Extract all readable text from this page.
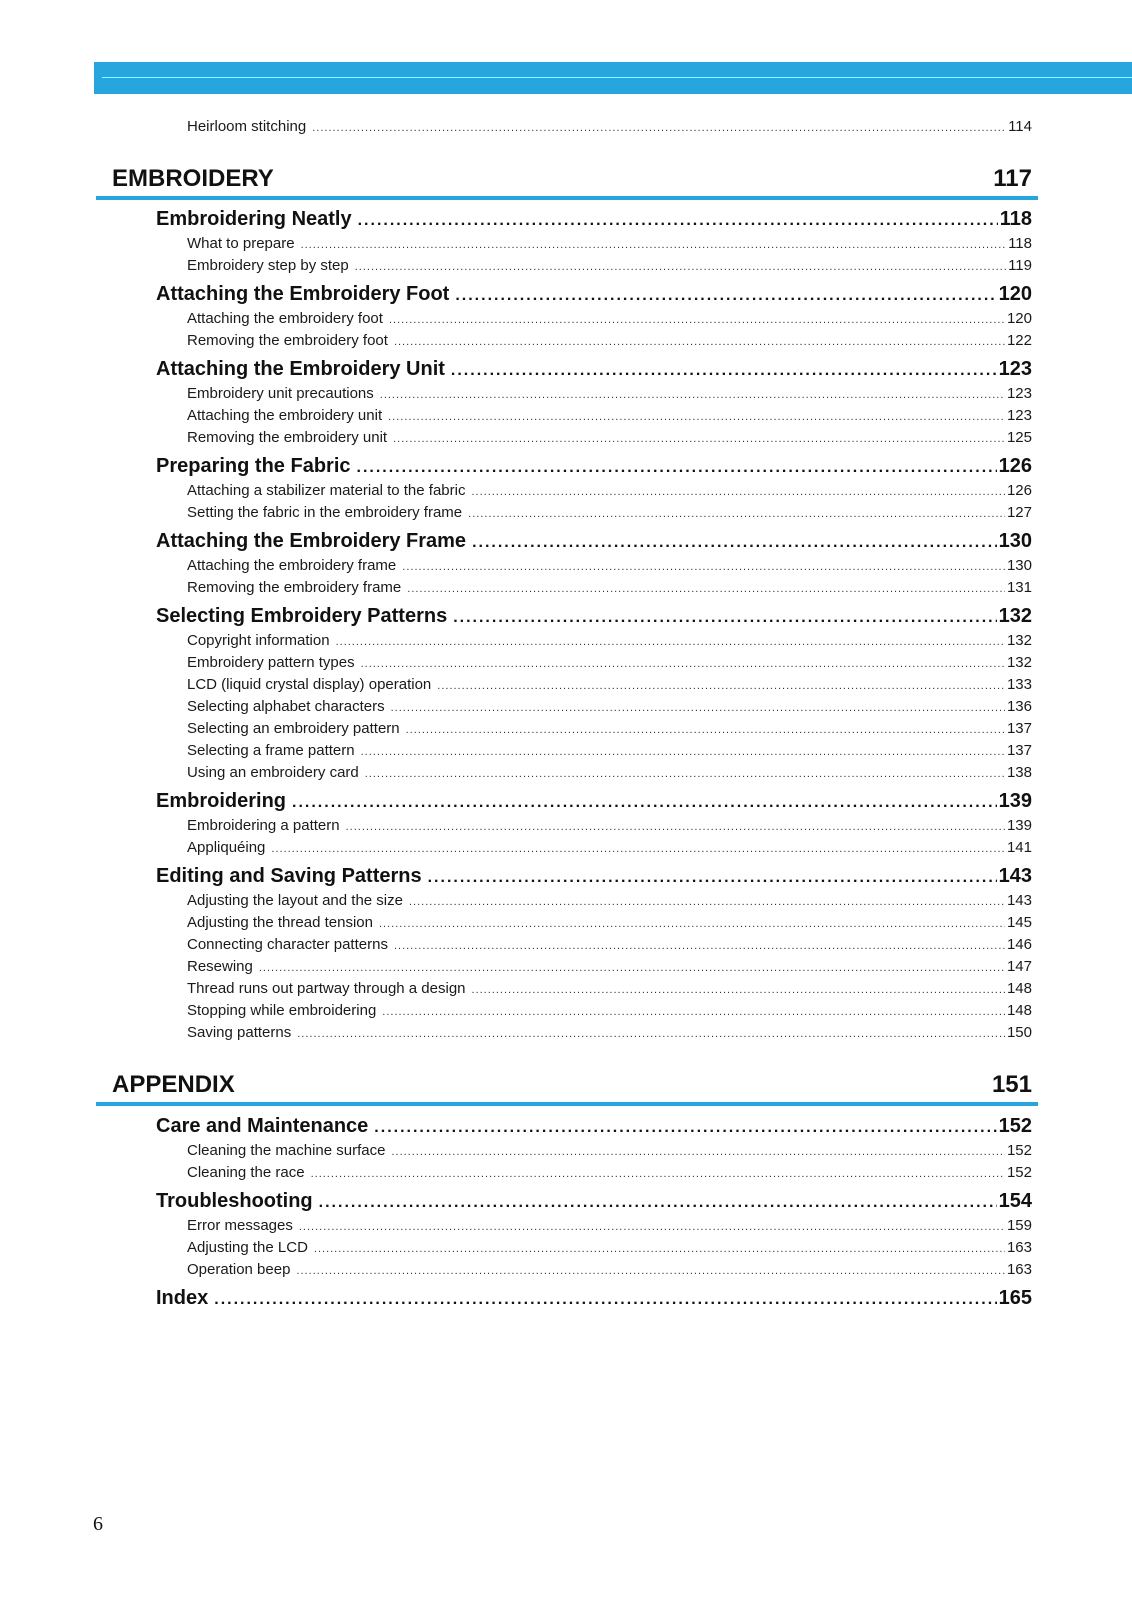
Heirloom stitching .....	114
EMBROIDERY	117
Embroidering Neatly .....	118
What to prepare .....	118
Embroidery step by step .....	119
Attaching the Embroidery Foot .....	120
Attaching the embroidery foot .....	120
Removing the embroidery foot .....	122
Attaching the Embroidery Unit .....	123
Embroidery unit precautions .....	123
Attaching the embroidery unit .....	123
Removing the embroidery unit .....	125
Preparing the Fabric .....	126
Attaching a stabilizer material to the fabric .....	126
Setting the fabric in the embroidery frame .....	127
Attaching the Embroidery Frame .....	130
Attaching the embroidery frame .....	130
Removing the embroidery frame .....	131
Selecting Embroidery Patterns .....	132
Copyright information .....	132
Embroidery pattern types .....	132
LCD (liquid crystal display) operation .....	133
Selecting alphabet characters .....	136
Selecting an embroidery pattern .....	137
Selecting a frame pattern .....	137
Using an embroidery card .....	138
Embroidering .....	139
Embroidering a pattern .....	139
Appliquéing .....	141
Editing and Saving Patterns .....	143
Adjusting the layout and the size .....	143
Adjusting the thread tension .....	145
Connecting character patterns .....	146
Resewing .....	147
Thread runs out partway through a design .....	148
Stopping while embroidering .....	148
Saving patterns .....	150
APPENDIX	151
Care and Maintenance .....	152
Cleaning the machine surface .....	152
Cleaning the race .....	152
Troubleshooting .....	154
Error messages .....	159
Adjusting the LCD .....	163
Operation beep .....	163
Index .....	165
6
